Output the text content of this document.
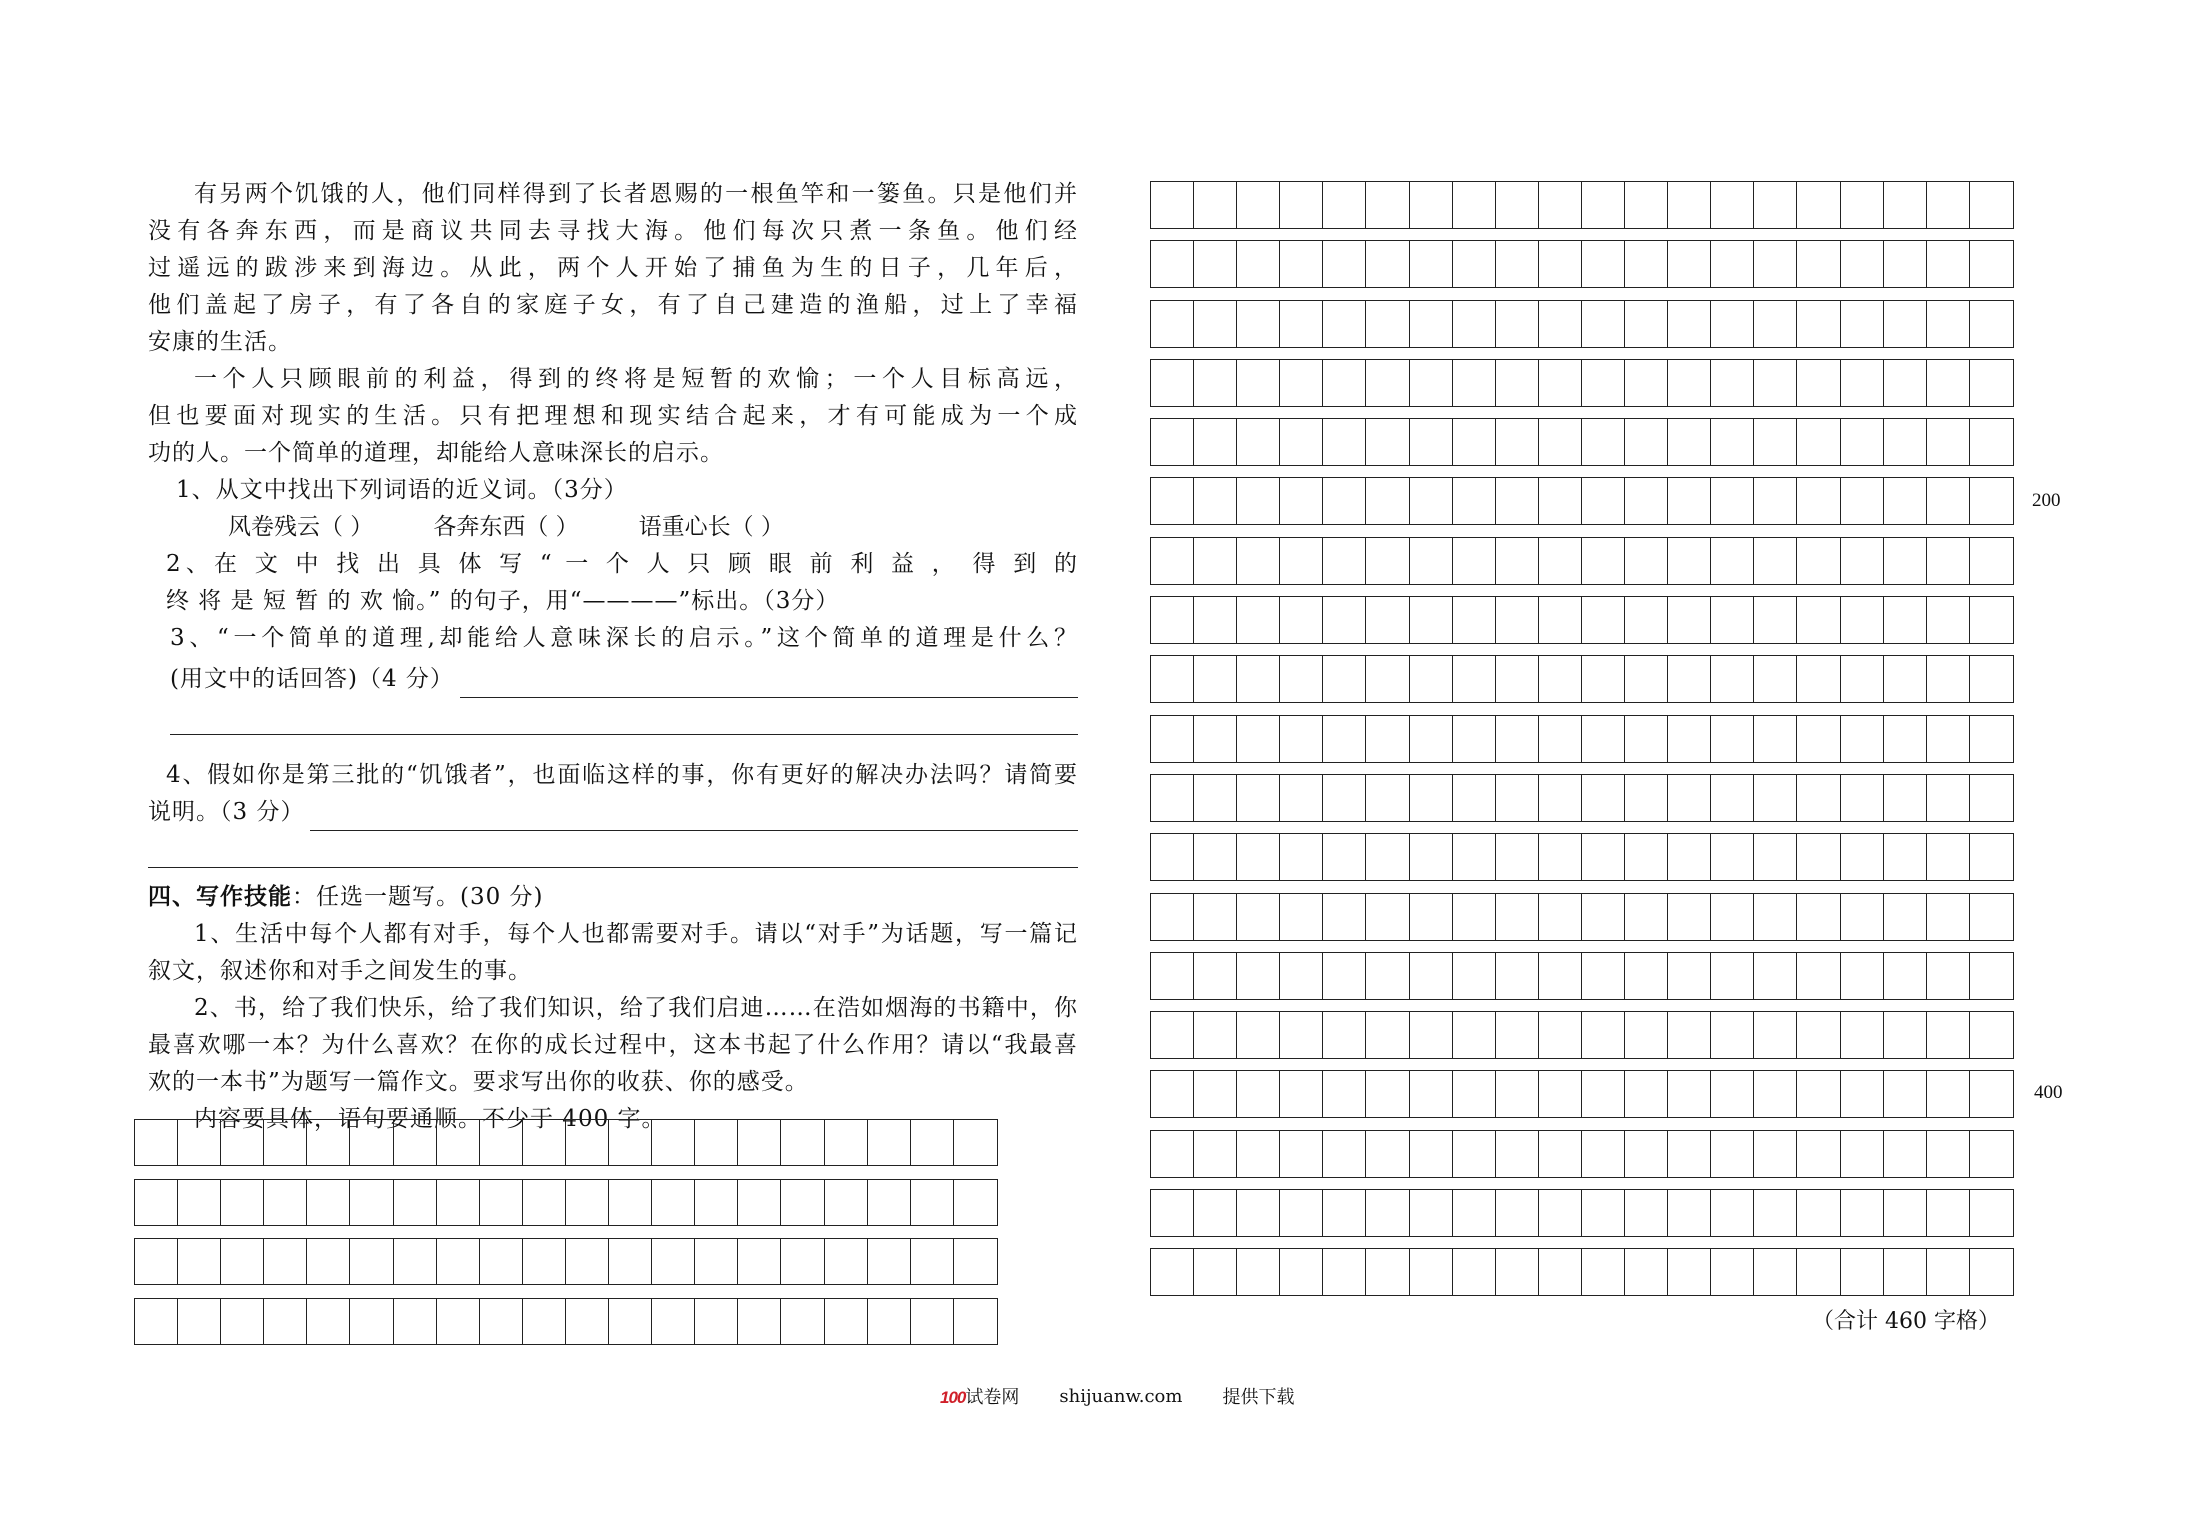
有另两个饥饿的人，他们同样得到了长者恩赐的一根鱼竿和一篓鱼。只是他们并

没有各奔东西，而是商议共同去寻找大海。他们每次只煮一条鱼。他们经

过遥远的跋涉来到海边。从此，两个人开始了捕鱼为生的日子，几年后，

他们盖起了房子，有了各自的家庭子女，有了自己建造的渔船，过上了幸福

安康的生活。

一个人只顾眼前的利益，得到的终将是短暂的欢愉；一个人目标高远，

但也要面对现实的生活。只有把理想和现实结合起来，才有可能成为一个成

功的人。一个简单的道理，却能给人意味深长的启示。

1、从文中找出下列词语的近义词。（3分）

风卷残云（ ）	各奔东西（ ）	语重心长（ ）

2、在 文 中 找 出 具 体 写 “ 一 个 人 只 顾 眼 前 利 益 ， 得 到 的

终 将 是 短 暂 的 欢 愉。” 的句子，用“————”标出。（3分）

3、“一个简单的道理,却能给人意味深长的启示。”这个简单的道理是什么？

(用文中的话回答)（4 分）

4、假如你是第三批的“饥饿者”，也面临这样的事，你有更好的解决办法吗？请简要

说明。（3 分）

四、写作技能：任选一题写。(30 分)

1、生活中每个人都有对手，每个人也都需要对手。请以“对手”为话题，写一篇记

叙文，叙述你和对手之间发生的事。

2、书，给了我们快乐，给了我们知识，给了我们启迪……在浩如烟海的书籍中，你

最喜欢哪一本？为什么喜欢？在你的成长过程中，这本书起了什么作用？请以“我最喜

欢的一本书”为题写一篇作文。要求写出你的收获、你的感受。

内容要具体，语句要通顺。不少于 400 字。

200
400
（合计 460 字格）
100试卷网 shijuanw.com 提供下载
